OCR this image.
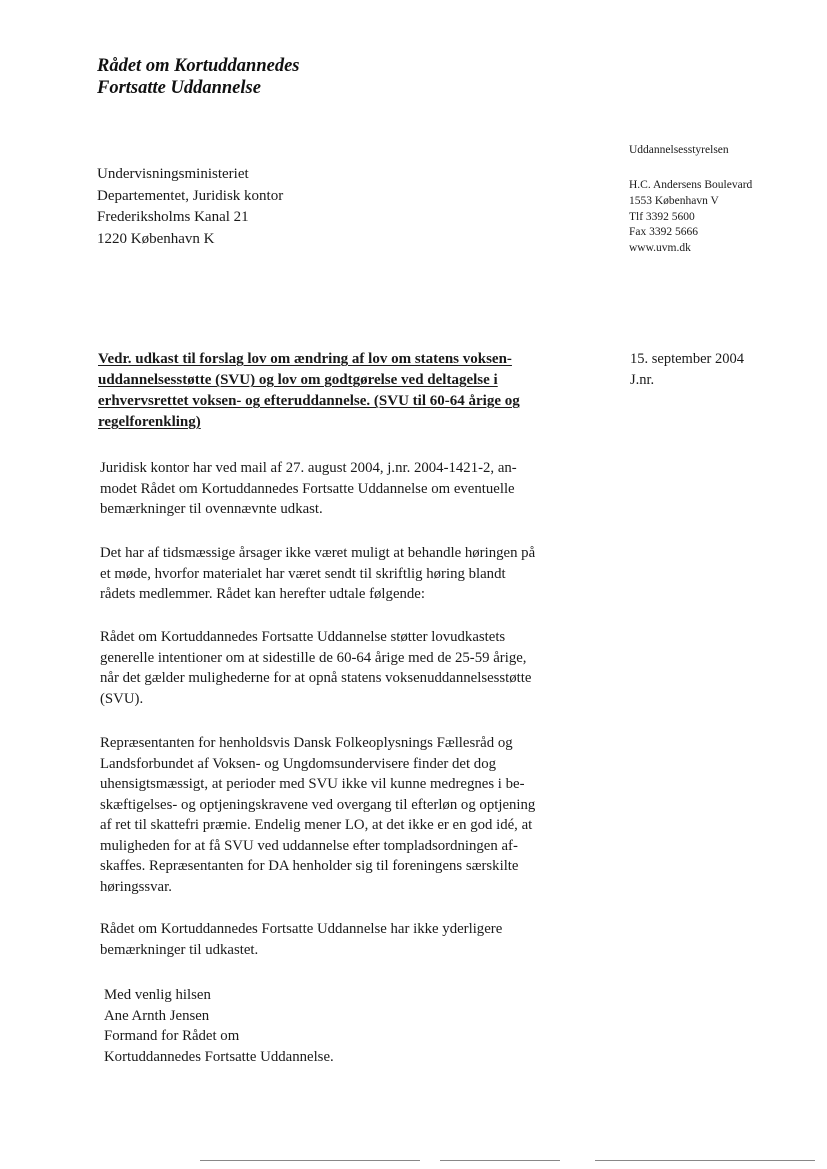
Rådet om Kortuddannedes
Fortsatte Uddannelse
Undervisningsministeriet
Departementet, Juridisk kontor
Frederiksholms Kanal 21
1220 København K
Uddannelsesstyrelsen
H.C. Andersens Boulevard
1553 København V
Tlf 3392 5600
Fax 3392 5666
www.uvm.dk
15. september 2004
J.nr.
Vedr. udkast til forslag lov om ændring af lov om statens voksen-
uddannelsesstøtte (SVU) og lov om godtgørelse ved deltagelse i
erhvervsrettet voksen- og efteruddannelse. (SVU til 60-64 årige og
regelforenkling)
Juridisk kontor har ved mail af 27. august 2004, j.nr. 2004-1421-2, an-
modet Rådet om Kortuddannedes Fortsatte Uddannelse om eventuelle
bemærkninger til ovennævnte udkast.
Det har af tidsmæssige årsager ikke været muligt at behandle høringen på
et møde, hvorfor materialet har været sendt til skriftlig høring blandt
rådets medlemmer. Rådet kan herefter udtale følgende:
Rådet om Kortuddannedes Fortsatte Uddannelse støtter lovudkastets
generelle intentioner om at sidestille de 60-64 årige med de 25-59 årige,
når det gælder mulighederne for at opnå statens voksenuddannelsesstøtte
(SVU).
Repræsentanten for henholdsvis Dansk Folkeoplysnings Fællesråd og
Landsforbundet af Voksen- og Ungdomsundervisere finder det dog
uhensigtsmæssigt, at perioder med SVU ikke vil kunne medregnes i be-
skæftigelses- og optjeningskravene ved overgang til efterløn og optjening
af ret til skattefri præmie. Endelig mener LO, at det ikke er en god idé, at
muligheden for at få SVU ved uddannelse efter tompladsordningen af-
skaffes. Repræsentanten for DA henholder sig til foreningens særskilte
høringssvar.
Rådet om Kortuddannedes Fortsatte Uddannelse har ikke yderligere
bemærkninger til udkastet.
Med venlig hilsen
Ane Arnth Jensen
Formand for Rådet om
Kortuddannedes Fortsatte Uddannelse.
